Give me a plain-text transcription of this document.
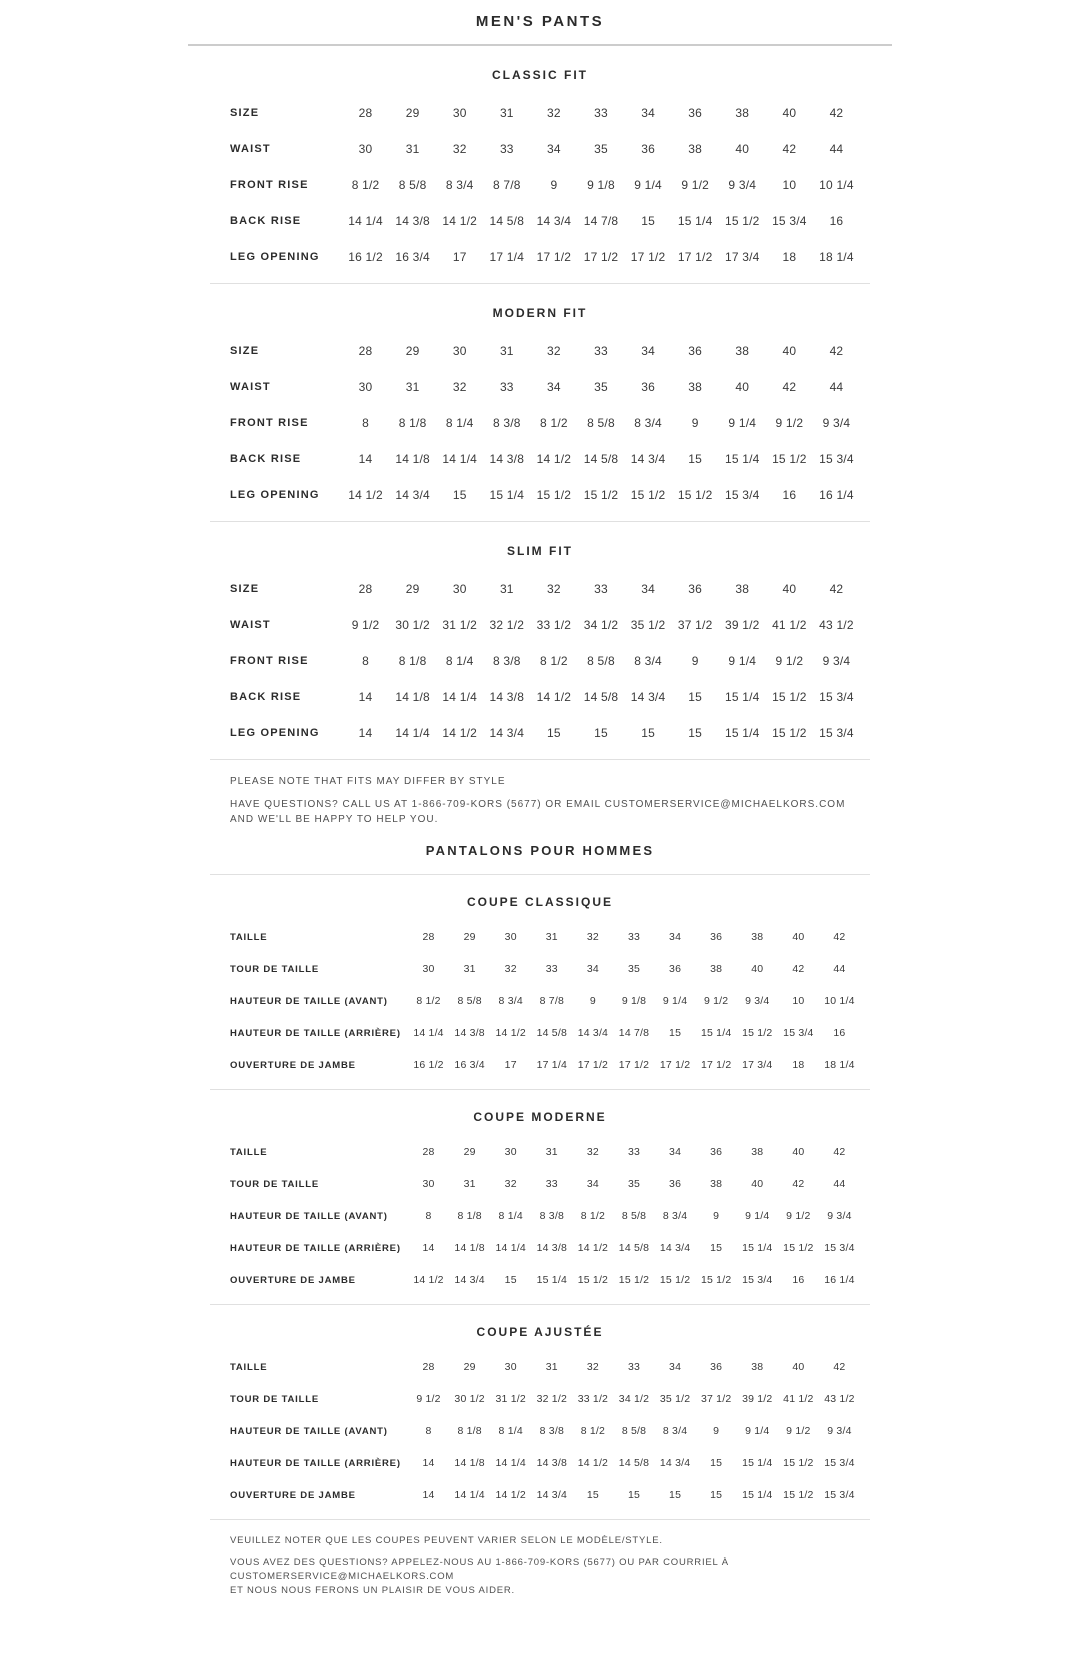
MEN'S PANTS
CLASSIC FIT
SIZE	28	29	30	31	32	33	34	36	38	40	42
WAIST	30	31	32	33	34	35	36	38	40	42	44
FRONT RISE	8 1/2	8 5/8	8 3/4	8 7/8	9	9 1/8	9 1/4	9 1/2	9 3/4	10	10 1/4
BACK RISE	14 1/4	14 3/8	14 1/2	14 5/8	14 3/4	14 7/8	15	15 1/4	15 1/2	15 3/4	16
LEG OPENING	16 1/2	16 3/4	17	17 1/4	17 1/2	17 1/2	17 1/2	17 1/2	17 3/4	18	18 1/4
MODERN FIT
SIZE	28	29	30	31	32	33	34	36	38	40	42
WAIST	30	31	32	33	34	35	36	38	40	42	44
FRONT RISE	8	8 1/8	8 1/4	8 3/8	8 1/2	8 5/8	8 3/4	9	9 1/4	9 1/2	9 3/4
BACK RISE	14	14 1/8	14 1/4	14 3/8	14 1/2	14 5/8	14 3/4	15	15 1/4	15 1/2	15 3/4
LEG OPENING	14 1/2	14 3/4	15	15 1/4	15 1/2	15 1/2	15 1/2	15 1/2	15 3/4	16	16 1/4
SLIM FIT
SIZE	28	29	30	31	32	33	34	36	38	40	42
WAIST	9 1/2	30 1/2	31 1/2	32 1/2	33 1/2	34 1/2	35 1/2	37 1/2	39 1/2	41 1/2	43 1/2
FRONT RISE	8	8 1/8	8 1/4	8 3/8	8 1/2	8 5/8	8 3/4	9	9 1/4	9 1/2	9 3/4
BACK RISE	14	14 1/8	14 1/4	14 3/8	14 1/2	14 5/8	14 3/4	15	15 1/4	15 1/2	15 3/4
LEG OPENING	14	14 1/4	14 1/2	14 3/4	15	15	15	15	15 1/4	15 1/2	15 3/4
PLEASE NOTE THAT FITS MAY DIFFER BY STYLE
HAVE QUESTIONS? CALL US AT 1-866-709-KORS (5677) OR EMAIL CUSTOMERSERVICE@MICHAELKORS.COM
AND WE'LL BE HAPPY TO HELP YOU.
PANTALONS POUR HOMMES
COUPE CLASSIQUE
TAILLE	28	29	30	31	32	33	34	36	38	40	42
TOUR DE TAILLE	30	31	32	33	34	35	36	38	40	42	44
HAUTEUR DE TAILLE (AVANT)	8 1/2	8 5/8	8 3/4	8 7/8	9	9 1/8	9 1/4	9 1/2	9 3/4	10	10 1/4
HAUTEUR DE TAILLE (ARRIÈRE)	14 1/4	14 3/8	14 1/2	14 5/8	14 3/4	14 7/8	15	15 1/4	15 1/2	15 3/4	16
OUVERTURE DE JAMBE	16 1/2	16 3/4	17	17 1/4	17 1/2	17 1/2	17 1/2	17 1/2	17 3/4	18	18 1/4
COUPE MODERNE
TAILLE	28	29	30	31	32	33	34	36	38	40	42
TOUR DE TAILLE	30	31	32	33	34	35	36	38	40	42	44
HAUTEUR DE TAILLE (AVANT)	8	8 1/8	8 1/4	8 3/8	8 1/2	8 5/8	8 3/4	9	9 1/4	9 1/2	9 3/4
HAUTEUR DE TAILLE (ARRIÈRE)	14	14 1/8	14 1/4	14 3/8	14 1/2	14 5/8	14 3/4	15	15 1/4	15 1/2	15 3/4
OUVERTURE DE JAMBE	14 1/2	14 3/4	15	15 1/4	15 1/2	15 1/2	15 1/2	15 1/2	15 3/4	16	16 1/4
COUPE AJUSTÉE
TAILLE	28	29	30	31	32	33	34	36	38	40	42
TOUR DE TAILLE	9 1/2	30 1/2	31 1/2	32 1/2	33 1/2	34 1/2	35 1/2	37 1/2	39 1/2	41 1/2	43 1/2
HAUTEUR DE TAILLE (AVANT)	8	8 1/8	8 1/4	8 3/8	8 1/2	8 5/8	8 3/4	9	9 1/4	9 1/2	9 3/4
HAUTEUR DE TAILLE (ARRIÈRE)	14	14 1/8	14 1/4	14 3/8	14 1/2	14 5/8	14 3/4	15	15 1/4	15 1/2	15 3/4
OUVERTURE DE JAMBE	14	14 1/4	14 1/2	14 3/4	15	15	15	15	15 1/4	15 1/2	15 3/4
VEUILLEZ NOTER QUE LES COUPES PEUVENT VARIER SELON LE MODÈLE/STYLE.
VOUS AVEZ DES QUESTIONS? APPELEZ-NOUS AU 1-866-709-KORS (5677) OU PAR COURRIEL À CUSTOMERSERVICE@MICHAELKORS.COM
ET NOUS NOUS FERONS UN PLAISIR DE VOUS AIDER.
